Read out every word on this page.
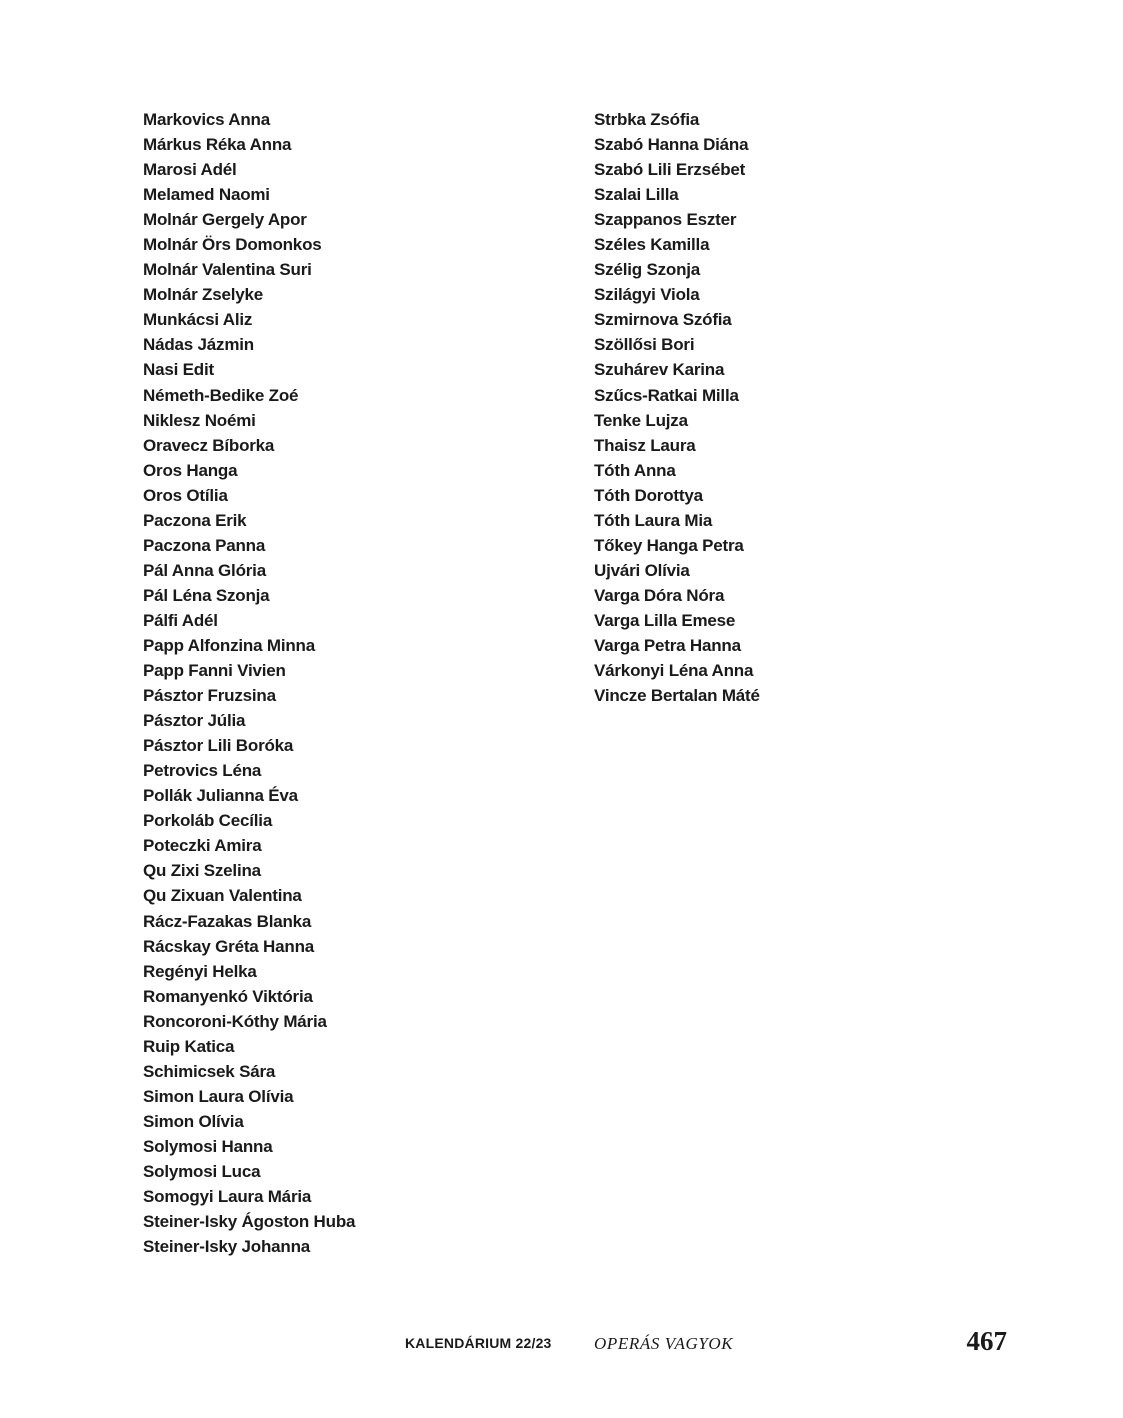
Markovics Anna
Márkus Réka Anna
Marosi Adél
Melamed Naomi
Molnár Gergely Apor
Molnár Örs Domonkos
Molnár Valentina Suri
Molnár Zselyke
Munkácsi Aliz
Nádas Jázmin
Nasi Edit
Németh-Bedike Zoé
Niklesz Noémi
Oravecz Bíborka
Oros Hanga
Oros Otília
Paczona Erik
Paczona Panna
Pál Anna Glória
Pál Léna Szonja
Pálfi Adél
Papp Alfonzina Minna
Papp Fanni Vivien
Pásztor Fruzsina
Pásztor Júlia
Pásztor Lili Boróka
Petrovics Léna
Pollák Julianna Éva
Porkoláb Cecília
Poteczki Amira
Qu Zixi Szelina
Qu Zixuan Valentina
Rácz-Fazakas Blanka
Rácskay Gréta Hanna
Regényi Helka
Romanyenkó Viktória
Roncoroni-Kóthy Mária
Ruip Katica
Schimicsek Sára
Simon Laura Olívia
Simon Olívia
Solymosi Hanna
Solymosi Luca
Somogyi Laura Mária
Steiner-Isky Ágoston Huba
Steiner-Isky Johanna
Strbka Zsófia
Szabó Hanna Diána
Szabó Lili Erzsébet
Szalai Lilla
Szappanos Eszter
Széles Kamilla
Szélig Szonja
Szilágyi Viola
Szmirnova Szófia
Szöllősi Bori
Szuhárev Karina
Szűcs-Ratkai Milla
Tenke Lujza
Thaisz Laura
Tóth Anna
Tóth Dorottya
Tóth Laura Mia
Tőkey Hanga Petra
Ujvári Olívia
Varga Dóra Nóra
Varga Lilla Emese
Varga Petra Hanna
Várkonyi Léna Anna
Vincze Bertalan Máté
KALENDÁRIUM 22/23 OPERÁS VAGYOK	467
